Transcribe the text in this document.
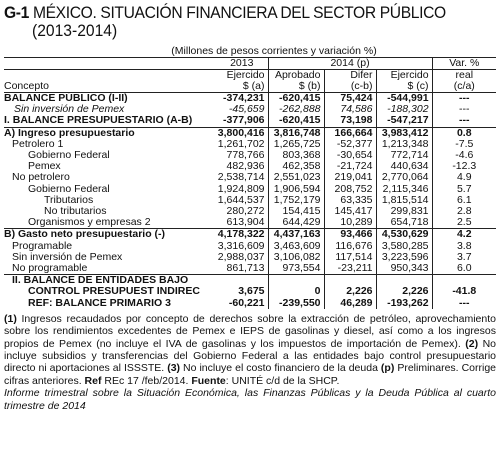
G-1 MÉXICO. SITUACIÓN FINANCIERA DEL SECTOR PÚBLICO
(2013-2014)
(Millones de pesos corrientes y variación %)
	2013	2014 (p)			Var. %
	Ejercido	Aprobado	Difer	Ejercido	real
Concepto	$ (a)	$ (b)	(c-b)	$ (c)	(c/a)
BALANCE PÚBLICO (I-II)	-374,231	-620,415	75,424	-544,991	---
Sin inversión de Pemex	-45,659	-262,888	74,586	-188,302	---
I. BALANCE PRESUPUESTARIO (A-B)	-377,906	-620,415	73,198	-547,217	---
A) Ingreso presupuestario	3,800,416	3,816,748	166,664	3,983,412	0.8
Petrolero 1	1,261,702	1,265,725	-52,377	1,213,348	-7.5
Gobierno Federal	778,766	803,368	-30,654	772,714	-4.6
Pemex	482,936	462,358	-21,724	440,634	-12.3
No petrolero	2,538,714	2,551,023	219,041	2,770,064	4.9
Gobierno Federal	1,924,809	1,906,594	208,752	2,115,346	5.7
Tributarios	1,644,537	1,752,179	63,335	1,815,514	6.1
No tributarios	280,272	154,415	145,417	299,831	2.8
Organismos y empresas 2	613,904	644,429	10,289	654,718	2.5
B) Gasto neto presupuestario (-)	4,178,322	4,437,163	93,466	4,530,629	4.2
Programable	3,316,609	3,463,609	116,676	3,580,285	3.8
Sin inversión de Pemex	2,988,037	3,106,082	117,514	3,223,596	3.7
No programable	861,713	973,554	-23,211	950,343	6.0
II. BALANCE DE ENTIDADES BAJO					
CONTROL PRESUPUEST INDIREC	3,675	0	2,226	2,226	-41.8
REF: BALANCE PRIMARIO 3	-60,221	-239,550	46,289	-193,262	---
(1) Ingresos recaudados por concepto de derechos sobre la extracción de petróleo, aprovechamiento sobre los rendimientos excedentes de Pemex e IEPS de gasolinas y diesel, así como a los ingresos propios de Pemex (no incluye el IVA de gasolinas y los impuestos de importación de Pemex). (2) No incluye subsidios y transferencias del Gobierno Federal a las entidades bajo control presupuestario directo ni aportaciones al ISSSTE. (3) No incluye el costo financiero de la deuda (p) Preliminares. Corrige cifras anteriores. Ref REc 17 /feb/2014. Fuente: UNITÉ c/d de la SHCP.
Informe trimestral sobre la Situación Económica, las Finanzas Públicas y la Deuda Pública al cuarto trimestre de 2014
